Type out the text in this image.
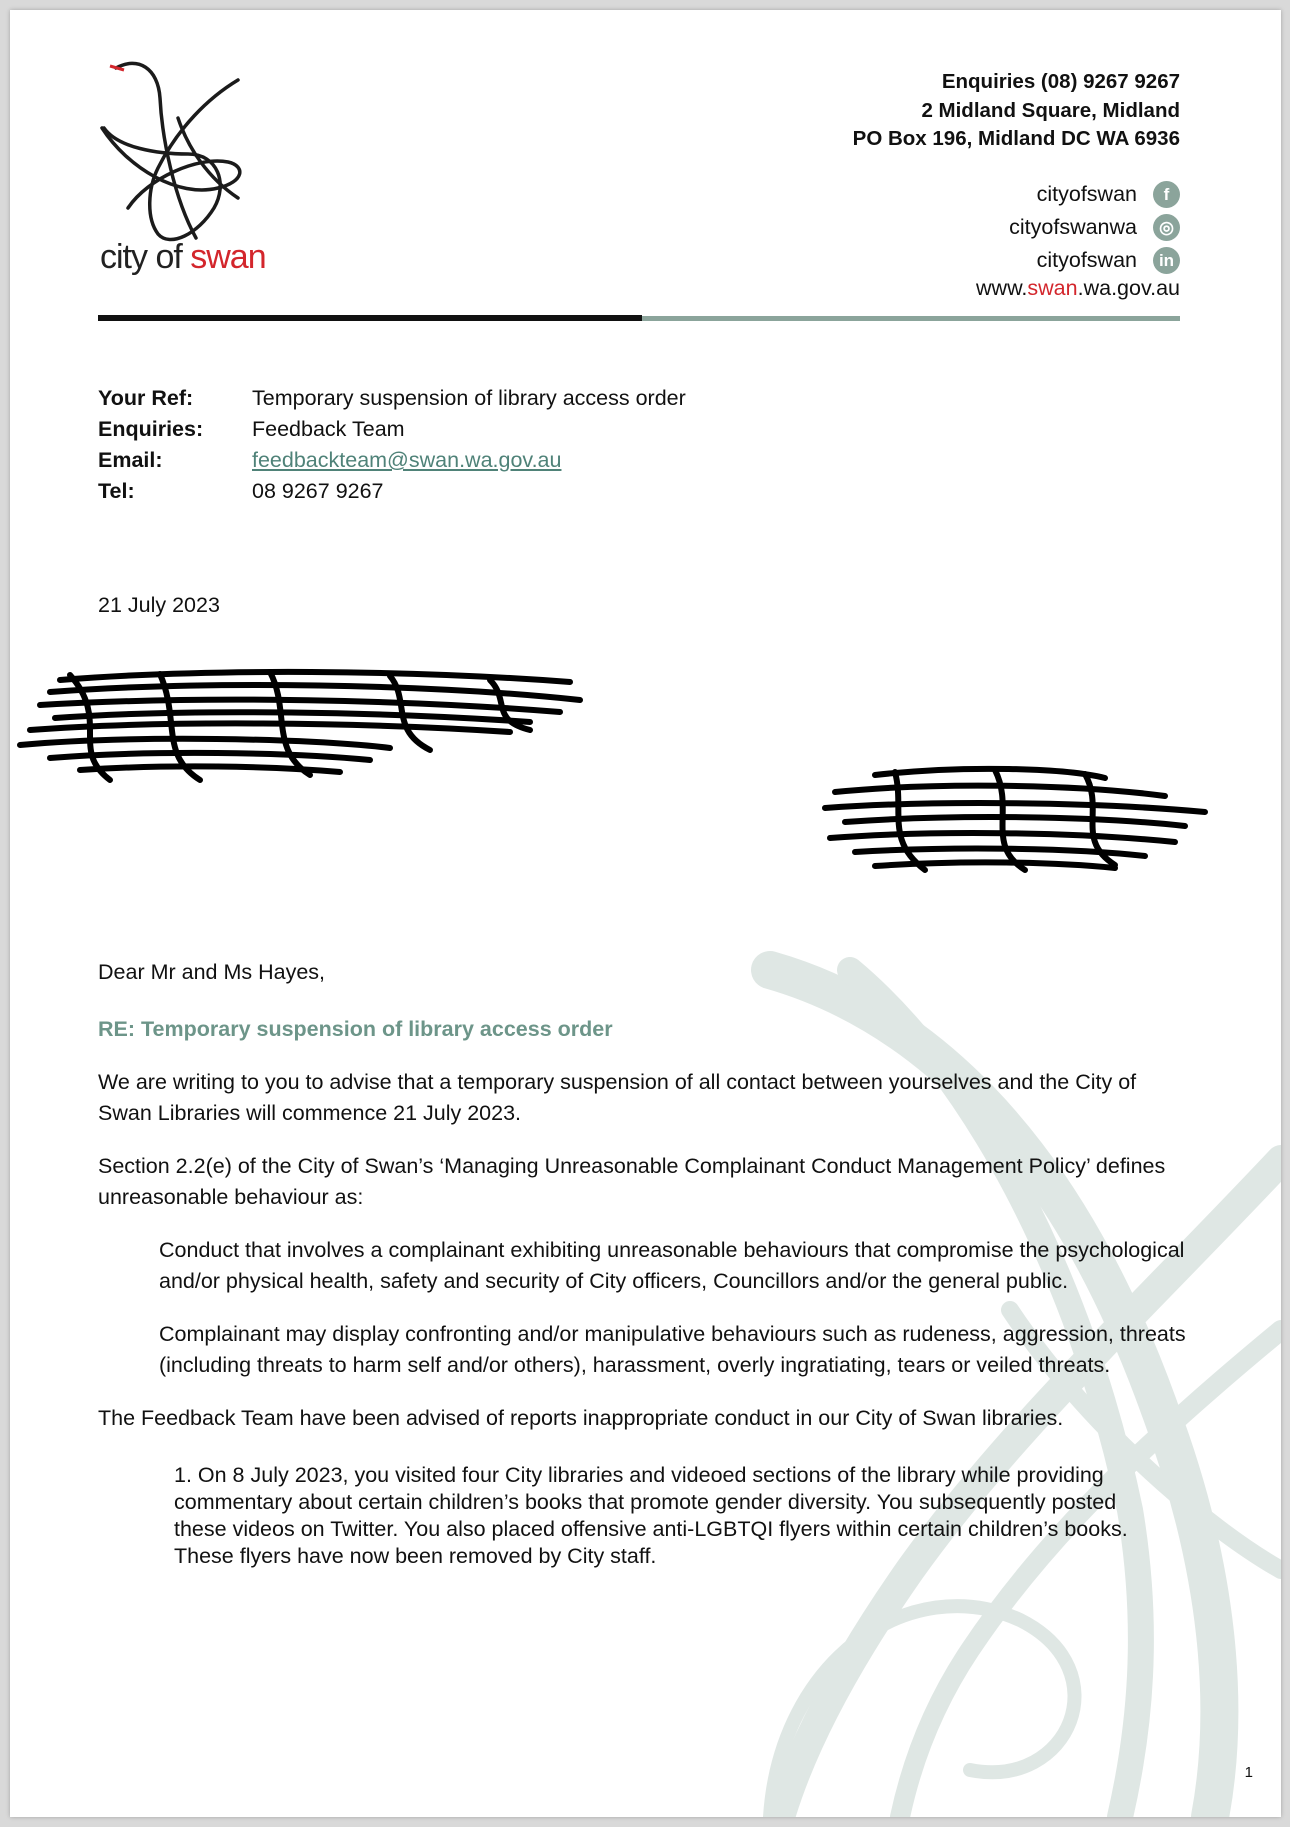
city of swan
Enquiries (08) 9267 9267
2 Midland Square, Midland
PO Box 196, Midland DC WA 6936
cityofswan	f
cityofswanwa	◎
cityofswan	in
www.swan.wa.gov.au
Your Ref:	Temporary suspension of library access order
Enquiries:	Feedback Team
Email:	feedbackteam@swan.wa.gov.au
Tel:	08 9267 9267
21 July 2023

Dear Mr and Ms Hayes,

RE: Temporary suspension of library access order

We are writing to you to advise that a temporary suspension of all contact between yourselves and the City of Swan Libraries will commence 21 July 2023.

Section 2.2(e) of the City of Swan’s ‘Managing Unreasonable Complainant Conduct Management Policy’ defines unreasonable behaviour as:

Conduct that involves a complainant exhibiting unreasonable behaviours that compromise the psychological and/or physical health, safety and security of City officers, Councillors and/or the general public.

Complainant may display confronting and/or manipulative behaviours such as rudeness, aggression, threats (including threats to harm self and/or others), harassment, overly ingratiating, tears or veiled threats.

The Feedback Team have been advised of reports inappropriate conduct in our City of Swan libraries.

1. On 8 July 2023, you visited four City libraries and videoed sections of the library while providing commentary about certain children’s books that promote gender diversity. You subsequently posted these videos on Twitter. You also placed offensive anti-LGBTQI flyers within certain children’s books. These flyers have now been removed by City staff.

1
